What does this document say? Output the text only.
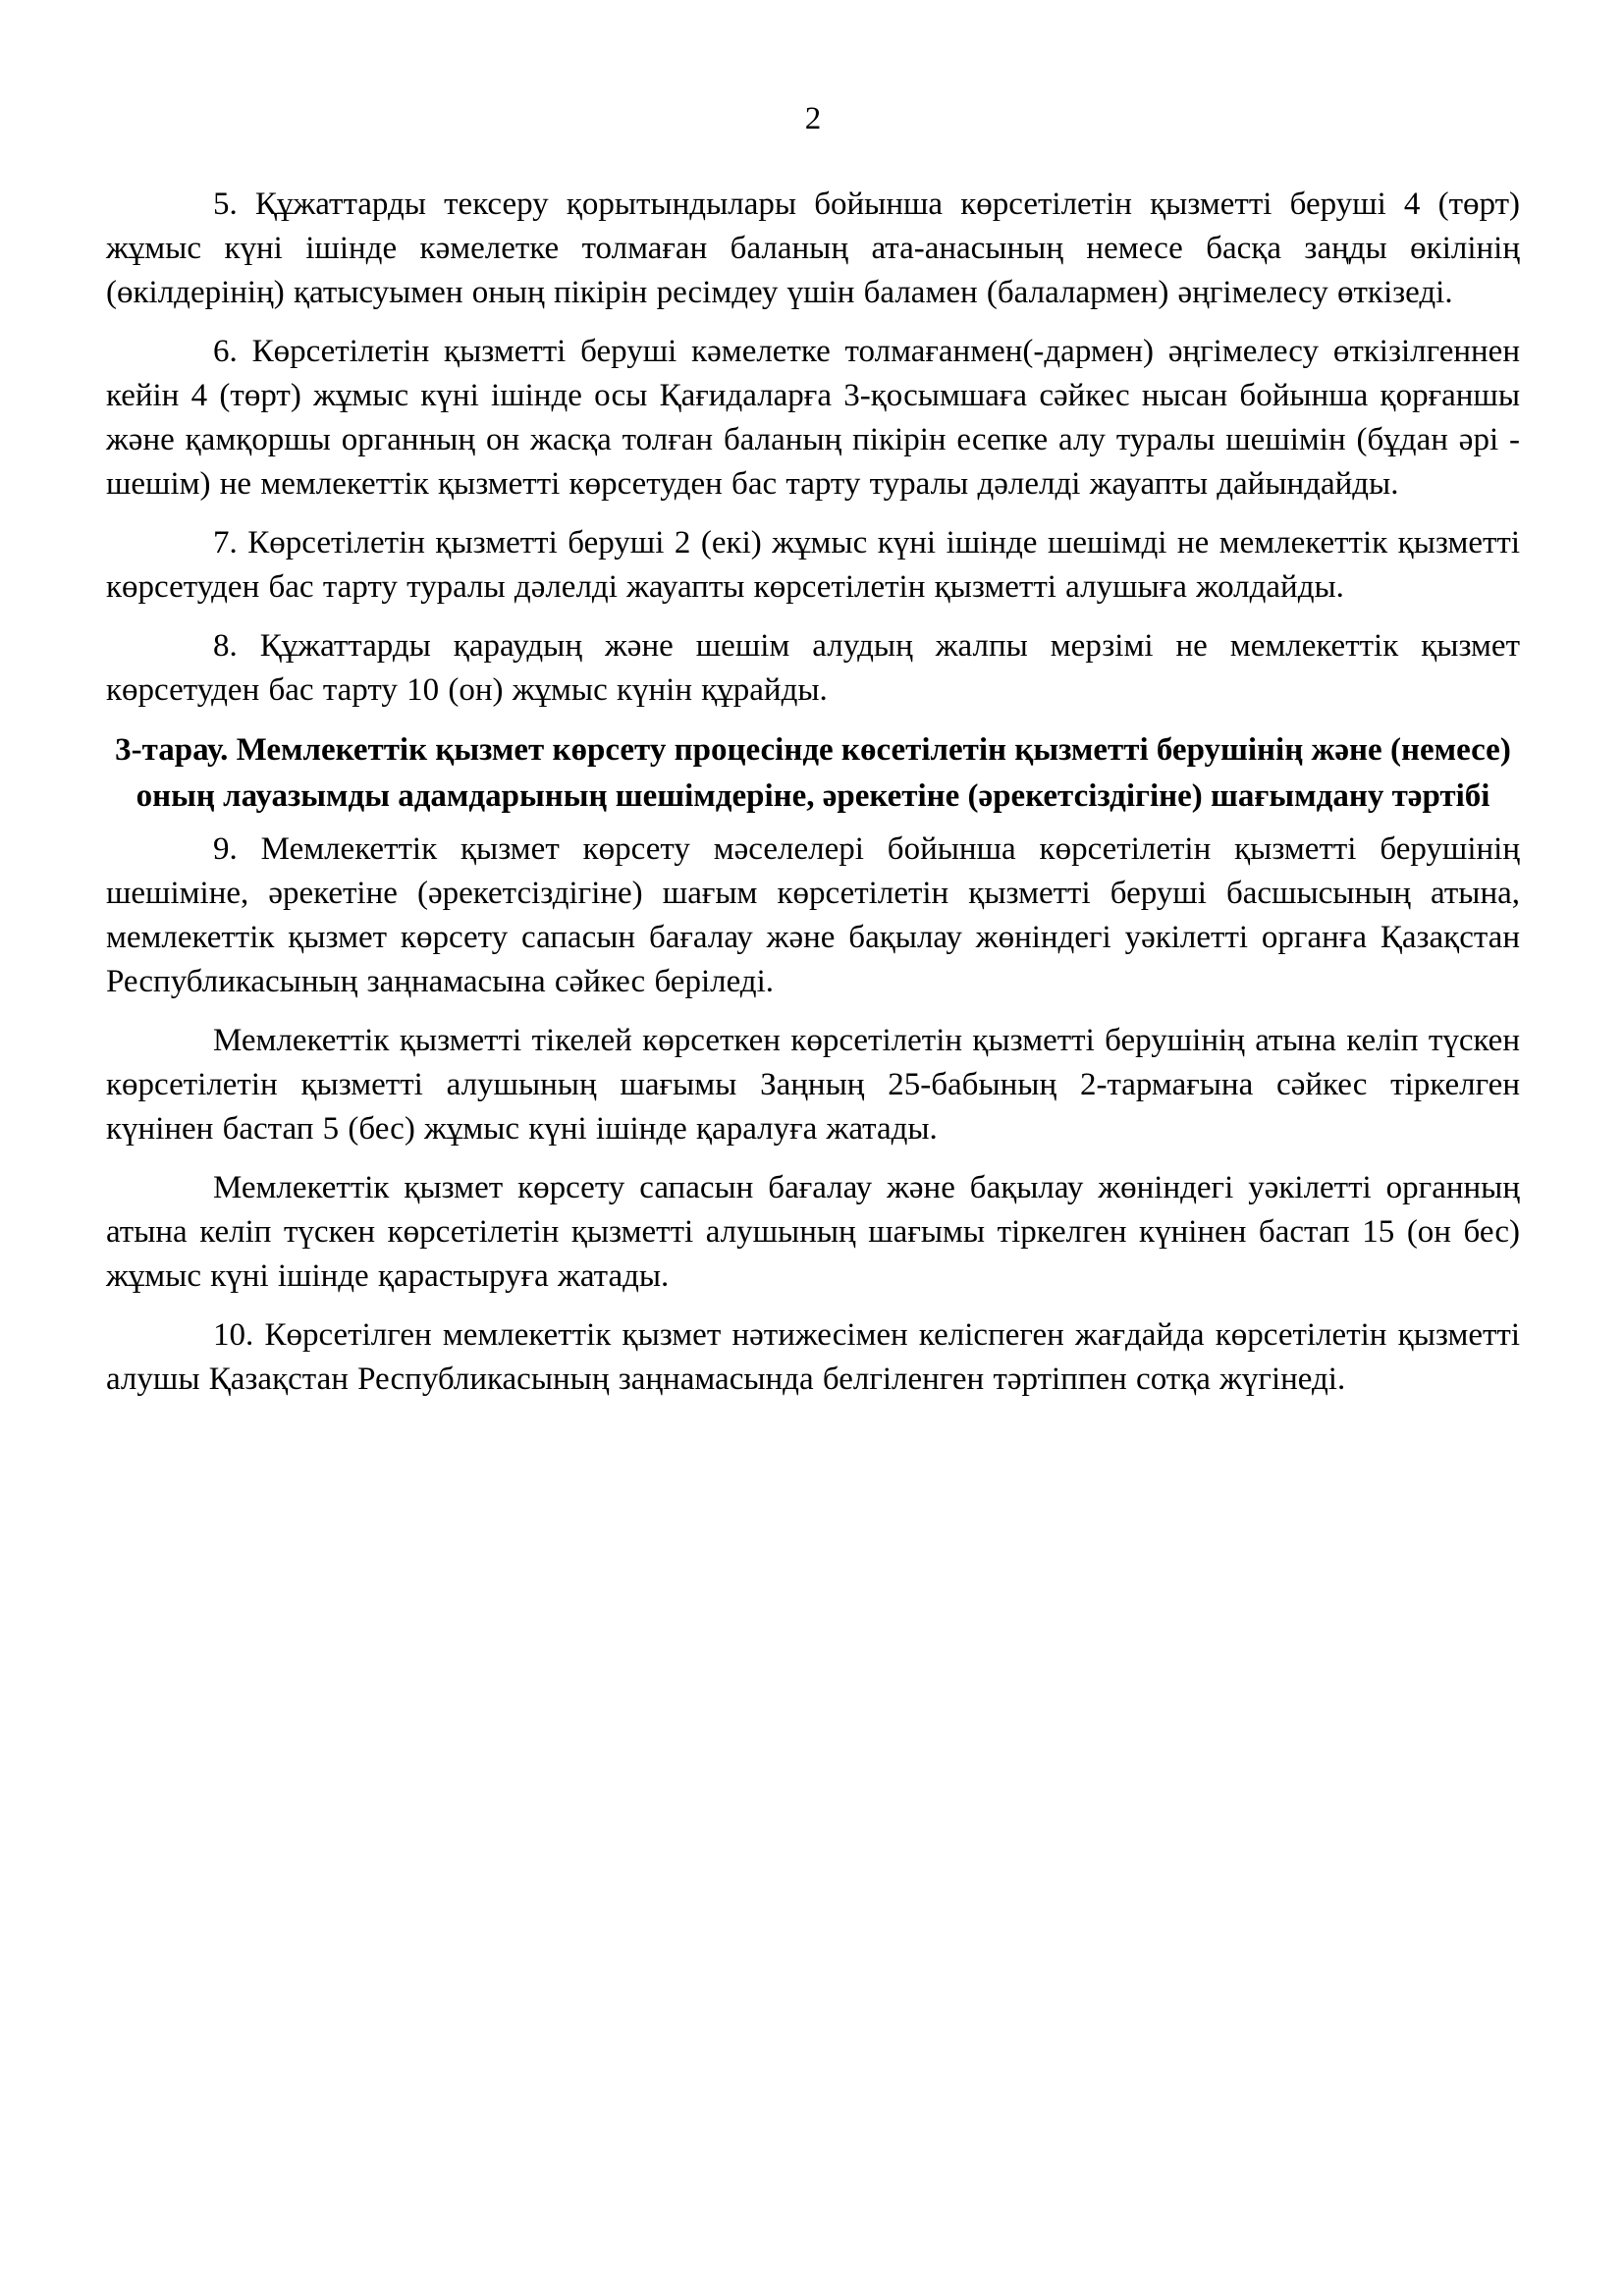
2

5. Құжаттарды тексеру қорытындылары бойынша көрсетілетін қызметті беруші 4 (төрт) жұмыс күні ішінде кәмелетке толмаған баланың ата-анасының немесе басқа заңды өкілінің (өкілдерінің) қатысуымен оның пікірін ресімдеу үшін баламен (балалармен) әңгімелесу өткізеді.

6. Көрсетілетін қызметті беруші кәмелетке толмағанмен(-дармен) әңгімелесу өткізілгеннен кейін 4 (төрт) жұмыс күні ішінде осы Қағидаларға 3-қосымшаға сәйкес нысан бойынша қорғаншы және қамқоршы органның он жасқа толған баланың пікірін есепке алу туралы шешімін (бұдан әрі - шешім) не мемлекеттік қызметті көрсетуден бас тарту туралы дәлелді жауапты дайындайды.

7. Көрсетілетін қызметті беруші 2 (екі) жұмыс күні ішінде шешімді не мемлекеттік қызметті көрсетуден бас тарту туралы дәлелді жауапты көрсетілетін қызметті алушыға жолдайды.

8. Құжаттарды қараудың және шешім алудың жалпы мерзімі не мемлекеттік қызмет көрсетуден бас тарту 10 (он) жұмыс күнін құрайды.

3-тарау. Мемлекеттік қызмет көрсету процесінде көсетілетін қызметті берушінің және (немесе) оның лауазымды адамдарының шешімдеріне, әрекетіне (әрекетсіздігіне) шағымдану тәртібі

9. Мемлекеттік қызмет көрсету мәселелері бойынша көрсетілетін қызметті берушінің шешіміне, әрекетіне (әрекетсіздігіне) шағым көрсетілетін қызметті беруші басшысының атына, мемлекеттік қызмет көрсету сапасын бағалау және бақылау жөніндегі уәкілетті органға Қазақстан Республикасының заңнамасына сәйкес беріледі.

Мемлекеттік қызметті тікелей көрсеткен көрсетілетін қызметті берушінің атына келіп түскен көрсетілетін қызметті алушының шағымы Заңның 25-бабының 2-тармағына сәйкес тіркелген күнінен бастап 5 (бес) жұмыс күні ішінде қаралуға жатады.

Мемлекеттік қызмет көрсету сапасын бағалау және бақылау жөніндегі уәкілетті органның атына келіп түскен көрсетілетін қызметті алушының шағымы тіркелген күнінен бастап 15 (он бес) жұмыс күні ішінде қарастыруға жатады.

10. Көрсетілген мемлекеттік қызмет нәтижесімен келіспеген жағдайда көрсетілетін қызметті алушы Қазақстан Республикасының заңнамасында белгіленген тәртіппен сотқа жүгінеді.
